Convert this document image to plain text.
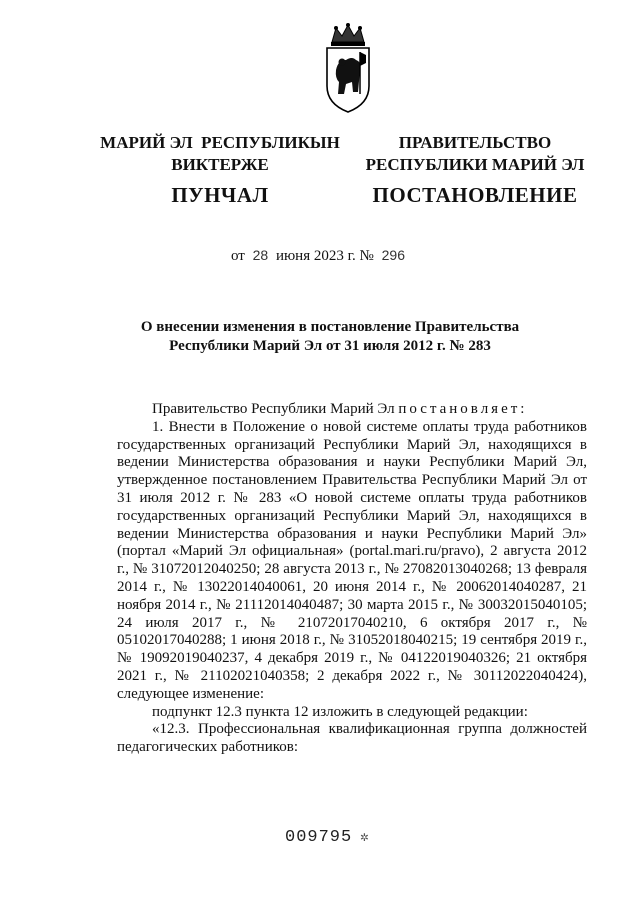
МАРИЙ ЭЛ  РЕСПУБЛИКЫН
ВИКТЕРЖЕ
ПУНЧАЛ
ПРАВИТЕЛЬСТВО
РЕСПУБЛИКИ МАРИЙ ЭЛ
ПОСТАНОВЛЕНИЕ
от 28 июня 2023 г. № 296
О внесении изменения в постановление Правительства
Республики Марий Эл от 31 июля 2012 г. № 283

Правительство Республики Марий Эл постановляет:

1. Внести в Положение о новой системе оплаты труда работников государственных организаций Республики Марий Эл, находящихся в ведении Министерства образования и науки Республики Марий Эл, утвержденное постановлением Правительства Республики Марий Эл от 31 июля 2012 г. № 283 «О новой системе оплаты труда работников государственных организаций Республики Марий Эл, находящихся в ведении Министерства образования и науки Республики Марий Эл» (портал «Марий Эл официальная» (portal.mari.ru/pravo), 2 августа 2012 г., № 31072012040250; 28 августа 2013 г., № 27082013040268; 13 февраля 2014 г., № 13022014040061, 20 июня 2014 г., № 20062014040287, 21 ноября 2014 г., № 21112014040487; 30 марта 2015 г., № 30032015040105; 24 июля 2017 г., № 21072017040210, 6 октября 2017 г., № 05102017040288; 1 июня 2018 г., № 31052018040215; 19 сентября 2019 г., № 19092019040237, 4 декабря 2019 г., № 04122019040326; 21 октября 2021 г., № 21102021040358; 2 декабря 2022 г., № 30112022040424), следующее изменение:

подпункт 12.3 пункта 12 изложить в следующей редакции:

«12.3. Профессиональная квалификационная группа должностей педагогических работников:

009795 ✲
